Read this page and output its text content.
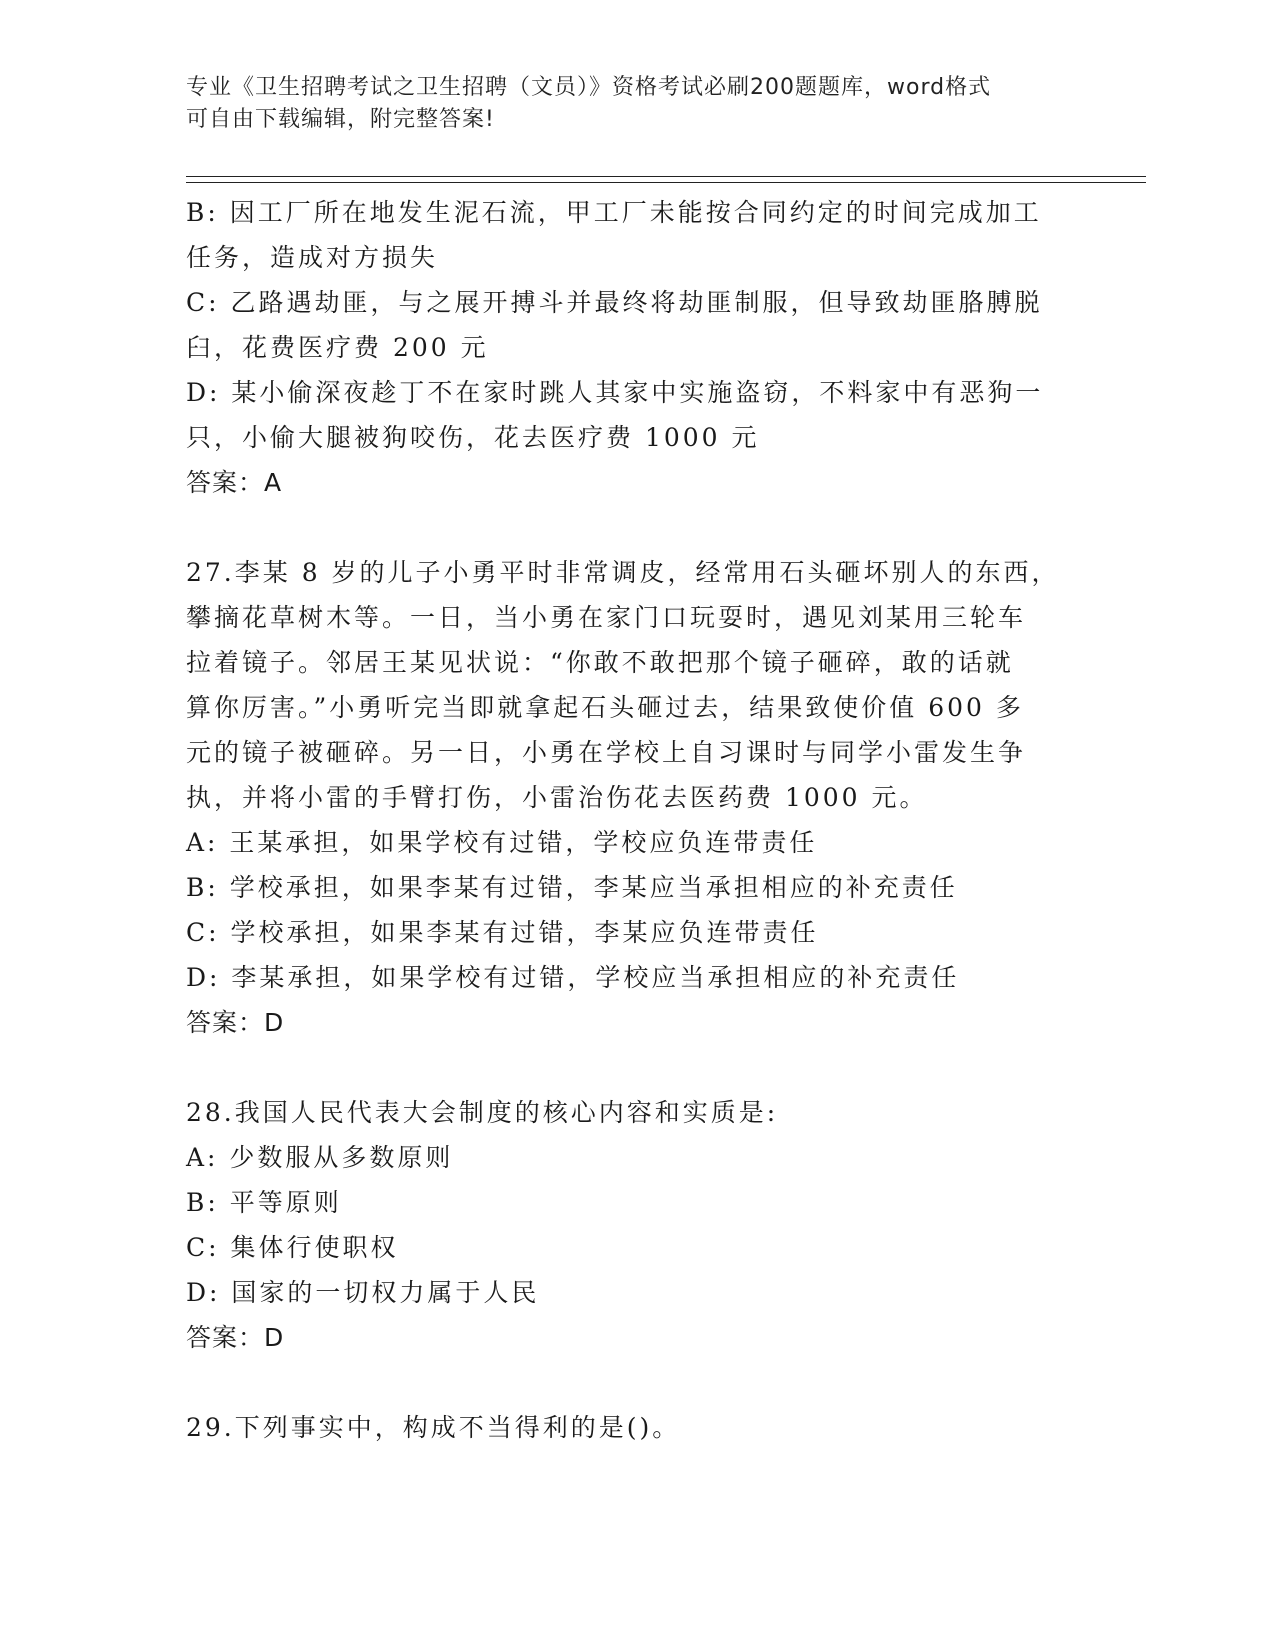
专业《卫生招聘考试之卫生招聘（文员）》资格考试必刷200题题库，word格式
可自由下载编辑，附完整答案!
B: 因工厂所在地发生泥石流，甲工厂未能按合同约定的时间完成加工
任务，造成对方损失
C: 乙路遇劫匪，与之展开搏斗并最终将劫匪制服，但导致劫匪胳膊脱
臼，花费医疗费 200 元
D: 某小偷深夜趁丁不在家时跳人其家中实施盗窃，不料家中有恶狗一
只，小偷大腿被狗咬伤，花去医疗费 1000 元
答案：A
27.李某 8 岁的儿子小勇平时非常调皮，经常用石头砸坏别人的东西，
攀摘花草树木等。一日，当小勇在家门口玩耍时，遇见刘某用三轮车
拉着镜子。邻居王某见状说：“你敢不敢把那个镜子砸碎，敢的话就
算你厉害。”小勇听完当即就拿起石头砸过去，结果致使价值 600 多
元的镜子被砸碎。另一日，小勇在学校上自习课时与同学小雷发生争
执，并将小雷的手臂打伤，小雷治伤花去医药费 1000 元。
A: 王某承担，如果学校有过错，学校应负连带责任
B: 学校承担，如果李某有过错，李某应当承担相应的补充责任
C: 学校承担，如果李某有过错，李某应负连带责任
D: 李某承担，如果学校有过错，学校应当承担相应的补充责任
答案：D
28.我国人民代表大会制度的核心内容和实质是:
A: 少数服从多数原则
B: 平等原则
C: 集体行使职权
D: 国家的一切权力属于人民
答案：D
29.下列事实中，构成不当得利的是()。
